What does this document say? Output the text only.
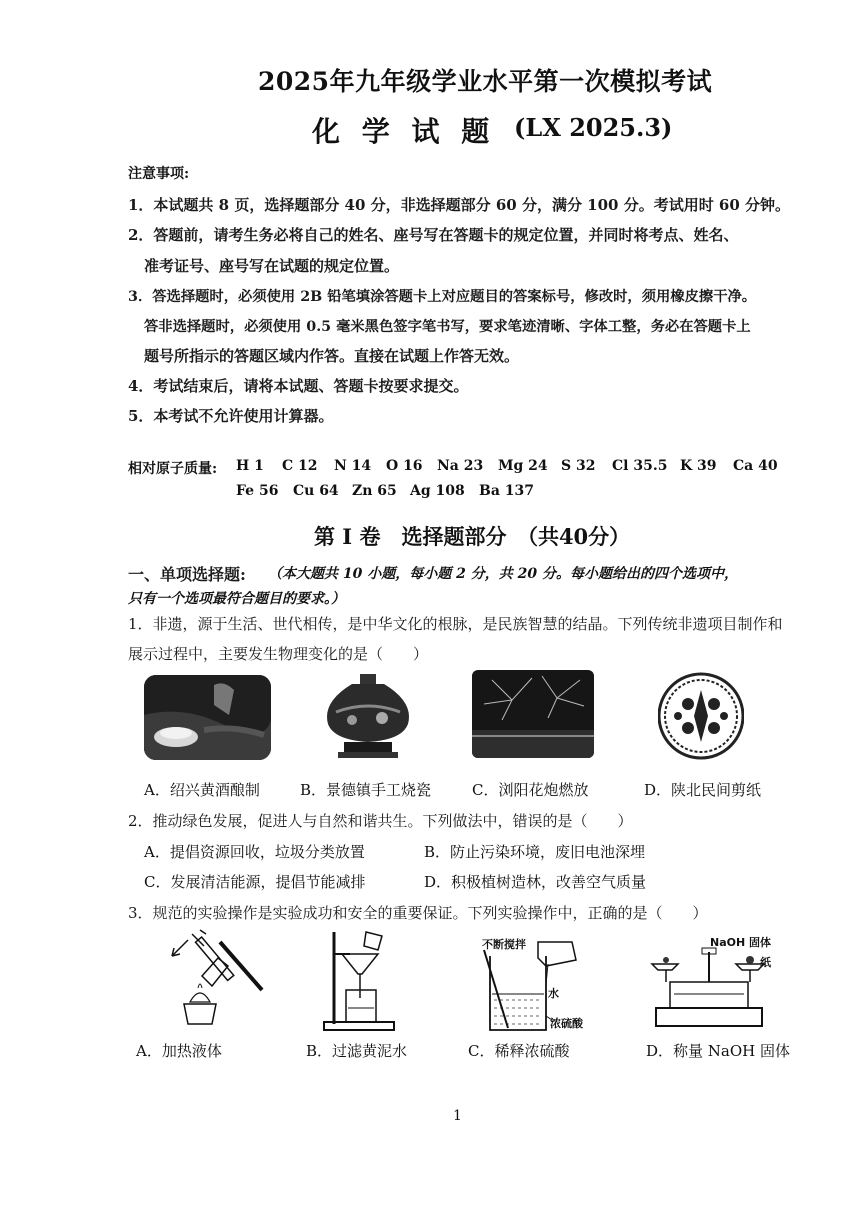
2025年九年级学业水平第一次模拟考试
化 学 试 题 (LX 2025.3)
注意事项:
1．本试题共 8 页，选择题部分 40 分，非选择题部分 60 分，满分 100 分。考试用时 60 分钟。
2．答题前，请考生务必将自己的姓名、座号写在答题卡的规定位置，并同时将考点、姓名、
准考证号、座号写在试题的规定位置。
3．答选择题时，必须使用 2B 铅笔填涂答题卡上对应题目的答案标号，修改时，须用橡皮擦干净。
答非选择题时，必须使用 0.5 毫米黑色签字笔书写，要求笔迹清晰、字体工整，务必在答题卡上
题号所指示的答题区域内作答。直接在试题上作答无效。
4．考试结束后，请将本试题、答题卡按要求提交。
5．本考试不允许使用计算器。
相对原子质量: H 1 C 12 N 14 O 16 Na 23 Mg 24 S 32 Cl 35.5 K 39 Ca 40
Fe 56 Cu 64 Zn 65 Ag 108 Ba 137
第 I 卷　选择题部分　（共40分）
一、单项选择题: （本大题共 10 小题，每小题 2 分，共 20 分。每小题给出的四个选项中，
只有一个选项最符合题目的要求。）
1．非遗，源于生活、世代相传，是中华文化的根脉，是民族智慧的结晶。下列传统非遗项目制作和
展示过程中，主要发生物理变化的是（　　）
A．绍兴黄酒酿制	B．景德镇手工烧瓷	C．浏阳花炮燃放	D．陕北民间剪纸
2．推动绿色发展，促进人与自然和谐共生。下列做法中，错误的是（　　）
A．提倡资源回收，垃圾分类放置	B．防止污染环境，废旧电池深埋
C．发展清洁能源，提倡节能减排	D．积极植树造林，改善空气质量
3．规范的实验操作是实验成功和安全的重要保证。下列实验操作中，正确的是（　　）
不断搅拌
水
浓硫酸
NaOH 固体
纸
A．加热液体	B．过滤黄泥水	C．稀释浓硫酸	D．称量 NaOH 固体
1
